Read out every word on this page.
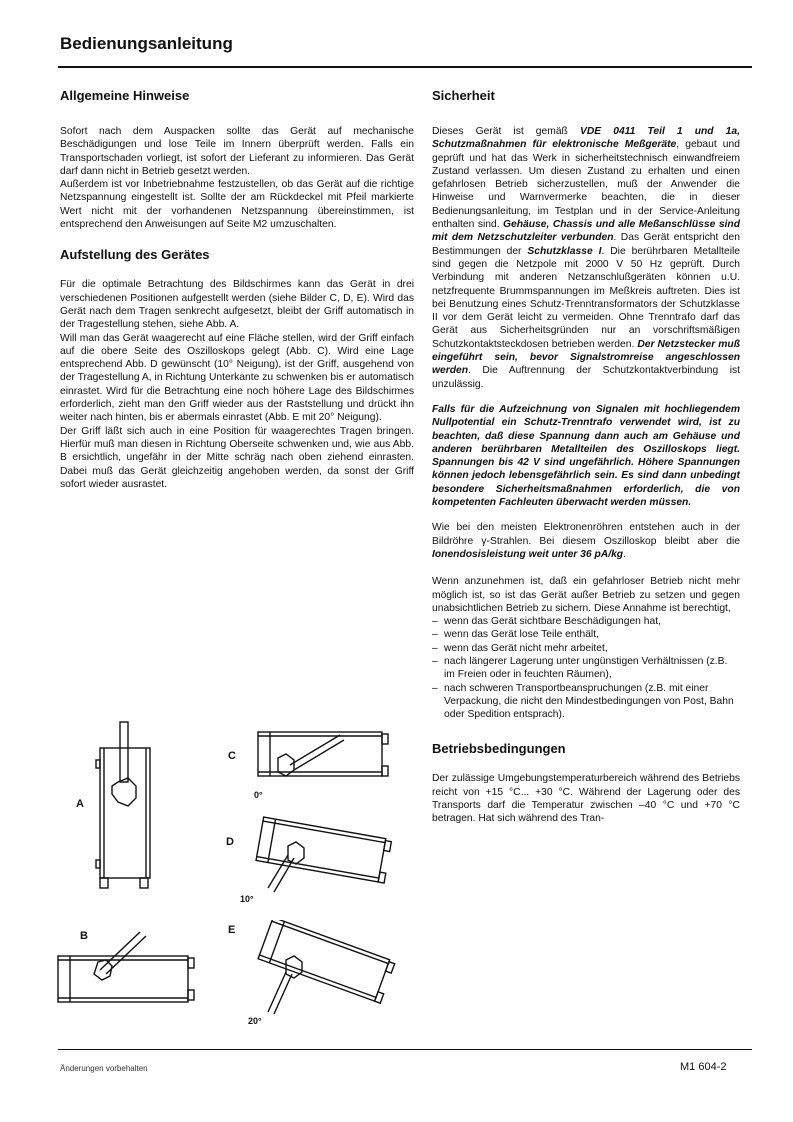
Bedienungsanleitung
Allgemeine Hinweise

Sofort nach dem Auspacken sollte das Gerät auf mechanische Beschädigungen und lose Teile im Innern überprüft werden. Falls ein Transportschaden vorliegt, ist sofort der Lieferant zu informieren. Das Gerät darf dann nicht in Betrieb gesetzt werden.

Außerdem ist vor Inbetriebnahme festzustellen, ob das Gerät auf die richtige Netzspannung eingestellt ist. Sollte der am Rückdeckel mit Pfeil markierte Wert nicht mit der vorhandenen Netzspannung übereinstimmen, ist entsprechend den Anweisungen auf Seite M2 umzuschalten.

Aufstellung des Gerätes

Für die optimale Betrachtung des Bildschirmes kann das Gerät in drei verschiedenen Positionen aufgestellt werden (siehe Bilder C, D, E). Wird das Gerät nach dem Tragen senkrecht aufgesetzt, bleibt der Griff automatisch in der Tragestellung stehen, siehe Abb. A.

Will man das Gerät waagerecht auf eine Fläche stellen, wird der Griff einfach auf die obere Seite des Oszilloskops gelegt (Abb. C). Wird eine Lage entsprechend Abb. D gewünscht (10° Neigung), ist der Griff, ausgehend von der Tragestellung A, in Richtung Unterkante zu schwenken bis er automatisch einrastet. Wird für die Betrachtung eine noch höhere Lage des Bildschirmes erforderlich, zieht man den Griff wieder aus der Raststellung und drückt ihn weiter nach hinten, bis er abermals einrastet (Abb. E mit 20° Neigung).

Der Griff läßt sich auch in eine Position für waagerechtes Tragen bringen. Hierfür muß man diesen in Richtung Oberseite schwenken und, wie aus Abb. B ersichtlich, ungefähr in der Mitte schräg nach oben ziehend einrasten. Dabei muß das Gerät gleichzeitig angehoben werden, da sonst der Griff sofort wieder ausrastet.

A
C
0°
D
10°
B	E
20°
Sicherheit

Dieses Gerät ist gemäß VDE 0411 Teil 1 und 1a, Schutzmaßnahmen für elektronische Meßgeräte, gebaut und geprüft und hat das Werk in sicherheitstechnisch einwandfreiem Zustand verlassen. Um diesen Zustand zu erhalten und einen gefahrlosen Betrieb sicherzustellen, muß der Anwender die Hinweise und Warnvermerke beachten, die in dieser Bedienungsanleitung, im Testplan und in der Service-Anleitung enthalten sind. Gehäuse, Chassis und alle Meßanschlüsse sind mit dem Netzschutzleiter verbunden. Das Gerät entspricht den Bestimmungen der Schutzklasse I. Die berührbaren Metallteile sind gegen die Netzpole mit 2000 V 50 Hz geprüft. Durch Verbindung mit anderen Netzanschlußgeräten können u.U. netzfrequente Brummspannungen im Meßkreis auftreten. Dies ist bei Benutzung eines Schutz-Trenntransformators der Schutzklasse II vor dem Gerät leicht zu vermeiden. Ohne Trenntrafo darf das Gerät aus Sicherheitsgründen nur an vorschriftsmäßigen Schutzkontaktsteckdosen betrieben werden. Der Netzstecker muß eingeführt sein, bevor Signalstromreise angeschlossen werden. Die Auftrennung der Schutzkontaktverbindung ist unzulässig.

Falls für die Aufzeichnung von Signalen mit hochliegendem Nullpotential ein Schutz-Trenntrafo verwendet wird, ist zu beachten, daß diese Spannung dann auch am Gehäuse und anderen berührbaren Metallteilen des Oszilloskops liegt. Spannungen bis 42 V sind ungefährlich. Höhere Spannungen können jedoch lebensgefährlich sein. Es sind dann unbedingt besondere Sicherheitsmaßnahmen erforderlich, die von kompetenten Fachleuten überwacht werden müssen.

Wie bei den meisten Elektronenröhren entstehen auch in der Bildröhre γ-Strahlen. Bei diesem Oszilloskop bleibt aber die Ionendosisleistung weit unter 36 pA/kg.

Wenn anzunehmen ist, daß ein gefahrloser Betrieb nicht mehr möglich ist, so ist das Gerät außer Betrieb zu setzen und gegen unabsichtlichen Betrieb zu sichern. Diese Annahme ist berechtigt,

– wenn das Gerät sichtbare Beschädigungen hat,
– wenn das Gerät lose Teile enthält,
– wenn das Gerät nicht mehr arbeitet,
– nach längerer Lagerung unter ungünstigen Verhältnissen (z.B. im Freien oder in feuchten Räumen),
– nach schweren Transportbeanspruchungen (z.B. mit einer Verpackung, die nicht den Mindestbedingungen von Post, Bahn oder Spedition entsprach).
Betriebsbedingungen

Der zulässige Umgebungstemperaturbereich während des Betriebs reicht von +15 °C... +30 °C. Während der Lagerung oder des Transports darf die Temperatur zwischen –40 °C und +70 °C betragen. Hat sich während des Tran-

Änderungen vorbehalten	M1 604-2
